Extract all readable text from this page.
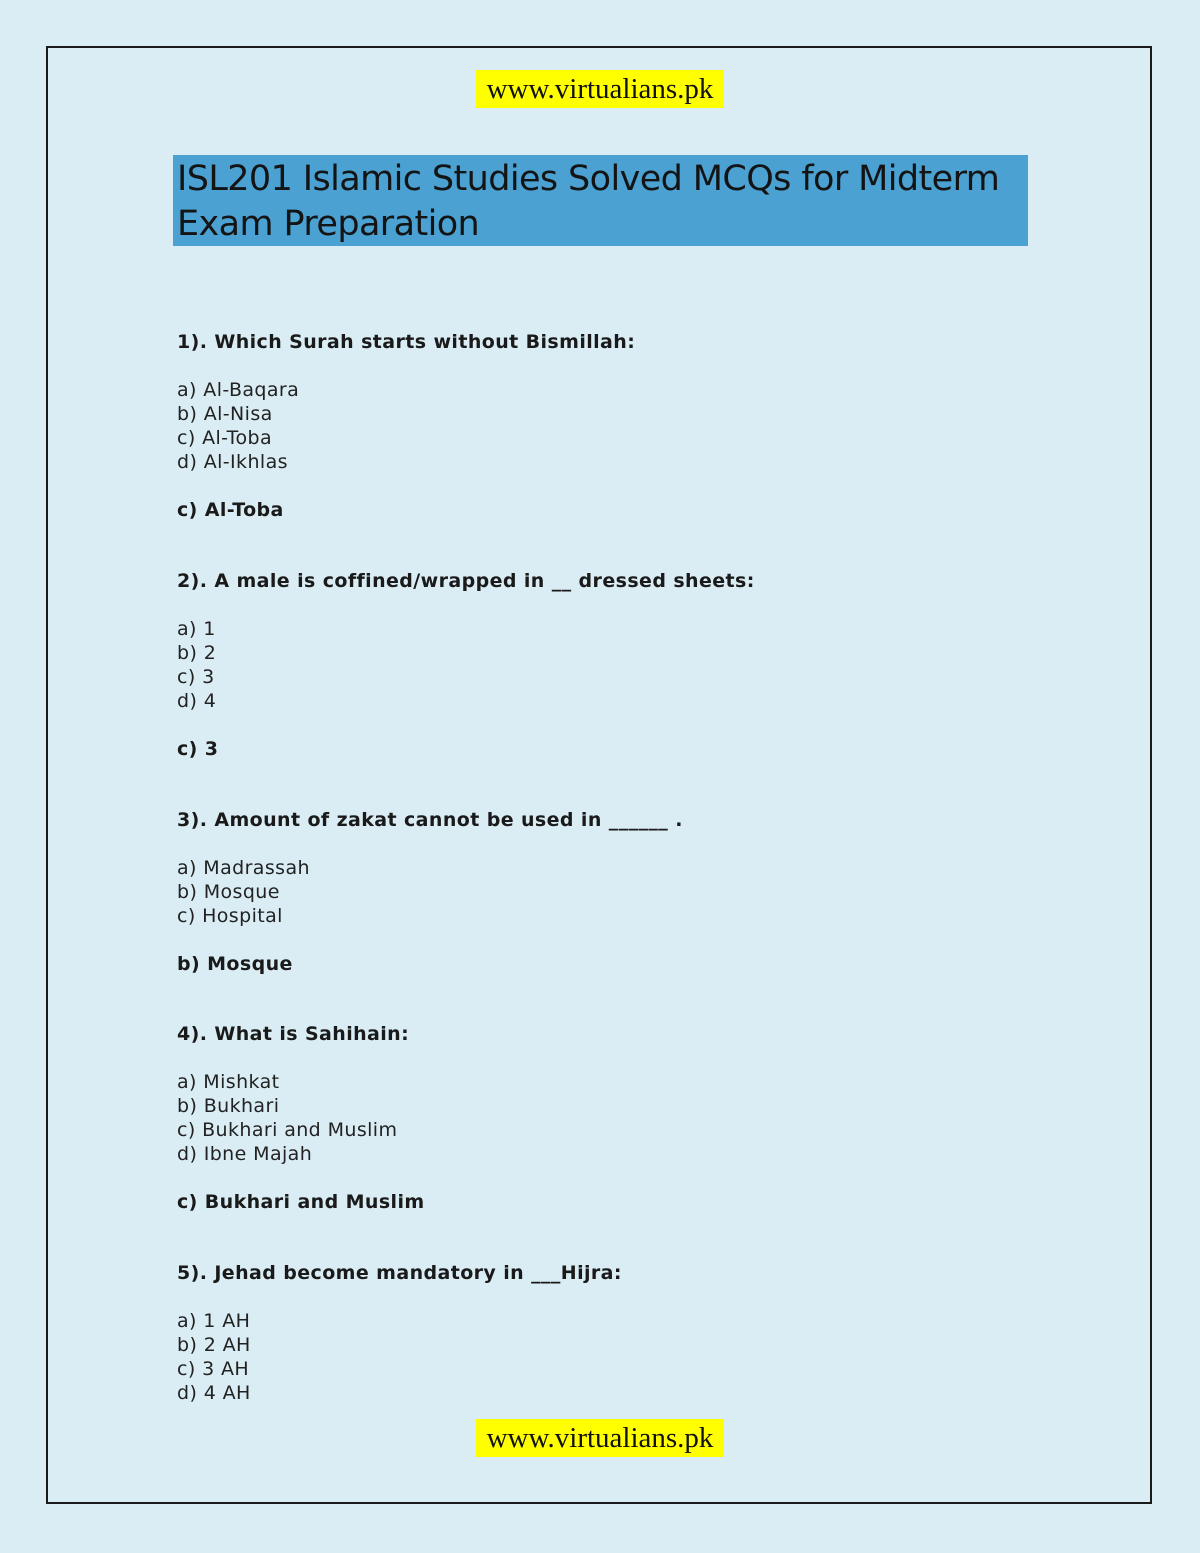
www.virtualians.pk
ISL201 Islamic Studies Solved MCQs for Midterm Exam Preparation
1). Which Surah starts without Bismillah:
a) Al-Baqara
b) Al-Nisa
c) Al-Toba
d) Al-Ikhlas
c) Al-Toba
2). A male is coffined/wrapped in __ dressed sheets:
a) 1
b) 2
c) 3
d) 4
c) 3
3). Amount of zakat cannot be used in ______ .
a) Madrassah
b) Mosque
c) Hospital
b) Mosque
4). What is Sahihain:
a) Mishkat
b) Bukhari
c) Bukhari and Muslim
d) Ibne Majah
c) Bukhari and Muslim
5). Jehad become mandatory in ___Hijra:
a) 1 AH
b) 2 AH
c) 3 AH
d) 4 AH
www.virtualians.pk
